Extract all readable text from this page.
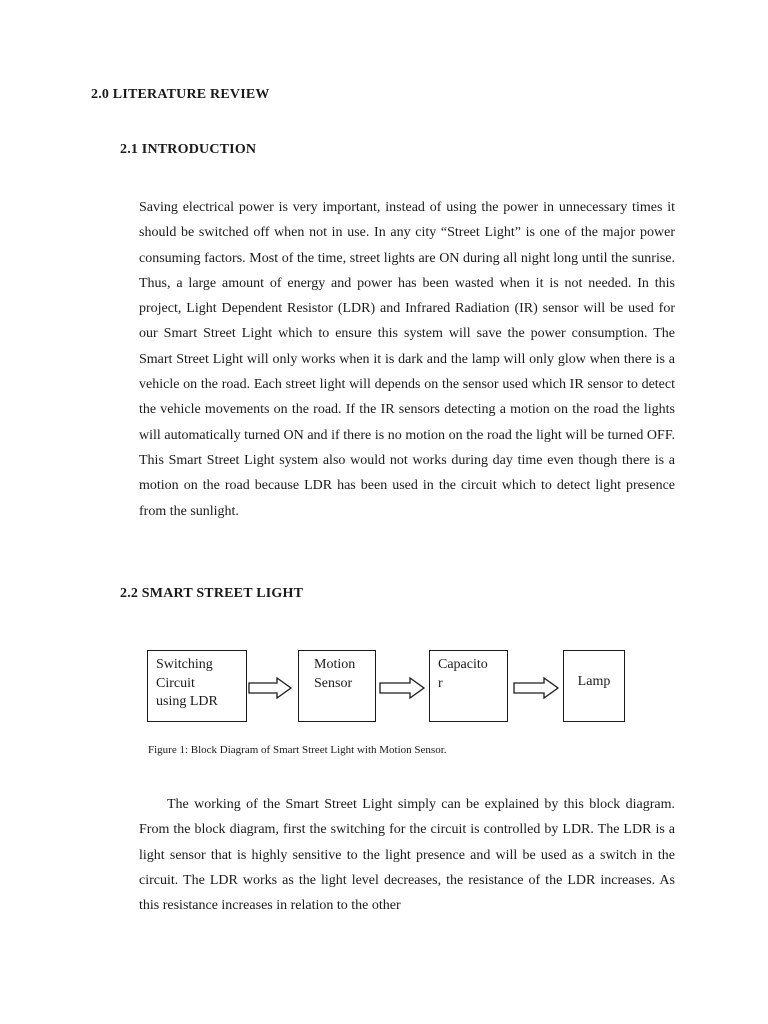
2.0 LITERATURE REVIEW
2.1 INTRODUCTION

Saving electrical power is very important, instead of using the power in unnecessary times it should be switched off when not in use. In any city “Street Light” is one of the major power consuming factors. Most of the time, street lights are ON during all night long until the sunrise. Thus, a large amount of energy and power has been wasted when it is not needed. In this project, Light Dependent Resistor (LDR) and Infrared Radiation (IR) sensor will be used for our Smart Street Light which to ensure this system will save the power consumption. The Smart Street Light will only works when it is dark and the lamp will only glow when there is a vehicle on the road. Each street light will depends on the sensor used which IR sensor to detect the vehicle movements on the road. If the IR sensors detecting a motion on the road the lights will automatically turned ON and if there is no motion on the road the light will be turned OFF. This Smart Street Light system also would not works during day time even though there is a motion on the road because LDR has been used in the circuit which to detect light presence from the sunlight.

2.2 SMART STREET LIGHT
Switching
Circuit
using LDR
Motion
Sensor
Capacito
r	Lamp

Figure 1: Block Diagram of Smart Street Light with Motion Sensor.

The working of the Smart Street Light simply can be explained by this block diagram. From the block diagram, first the switching for the circuit is controlled by LDR. The LDR is a light sensor that is highly sensitive to the light presence and will be used as a switch in the circuit. The LDR works as the light level decreases, the resistance of the LDR increases. As this resistance increases in relation to the other
